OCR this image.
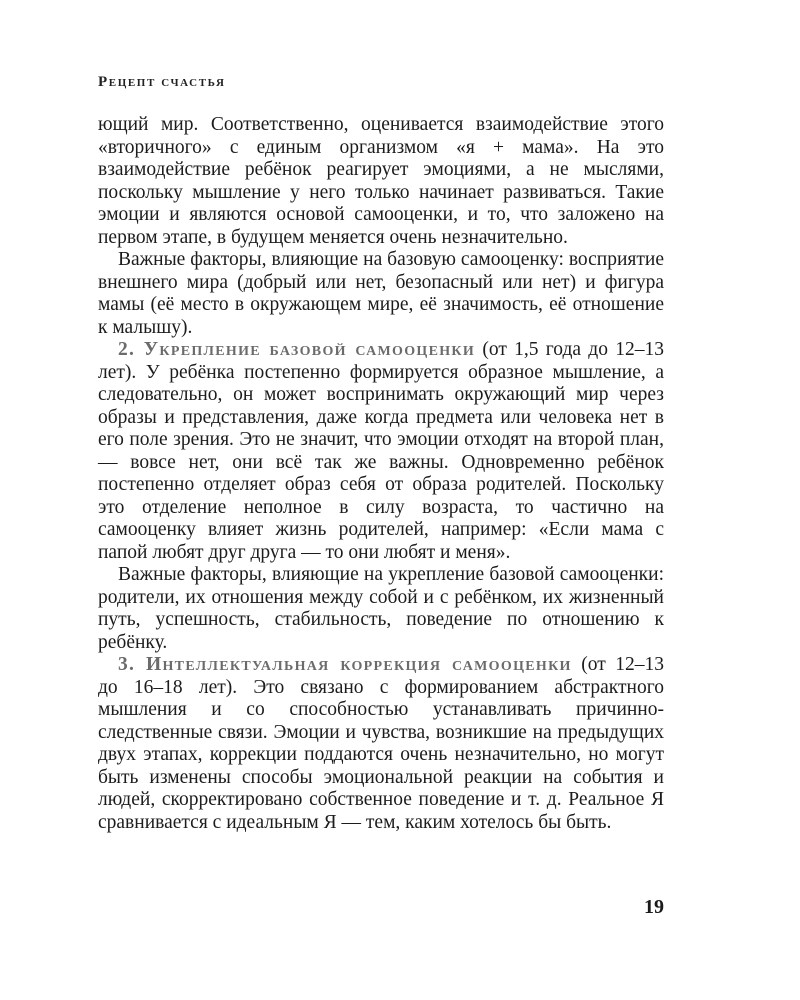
Рецепт счастья

ющий мир. Соответственно, оценивается взаимодействие этого «вторичного» с единым организмом «я + мама». На это взаимодействие ребёнок реагирует эмоциями, а не мыслями, поскольку мышление у него только начинает развиваться. Такие эмоции и являются основой самооценки, и то, что заложено на первом этапе, в будущем меняется очень незначительно.

Важные факторы, влияющие на базовую самооценку: восприятие внешнего мира (добрый или нет, безопасный или нет) и фигура мамы (её место в окружающем мире, её значимость, её отношение к малышу).

2. Укрепление базовой самооценки (от 1,5 года до 12–13 лет). У ребёнка постепенно формируется образное мышление, а следовательно, он может воспринимать окружающий мир через образы и представления, даже когда предмета или человека нет в его поле зрения. Это не значит, что эмоции отходят на второй план, — вовсе нет, они всё так же важны. Одновременно ребёнок постепенно отделяет образ себя от образа родителей. Поскольку это отделение неполное в силу возраста, то частично на самооценку влияет жизнь родителей, например: «Если мама с папой любят друг друга — то они любят и меня».

Важные факторы, влияющие на укрепление базовой самооценки: родители, их отношения между собой и с ребёнком, их жизненный путь, успешность, стабильность, поведение по отношению к ребёнку.

3. Интеллектуальная коррекция самооценки (от 12–13 до 16–18 лет). Это связано с формированием абстрактного мышления и со способностью устанавливать причинно-следственные связи. Эмоции и чувства, возникшие на предыдущих двух этапах, коррекции поддаются очень незначительно, но могут быть изменены способы эмоциональной реакции на события и людей, скорректировано собственное поведение и т. д. Реальное Я сравнивается с идеальным Я — тем, каким хотелось бы быть.

19
